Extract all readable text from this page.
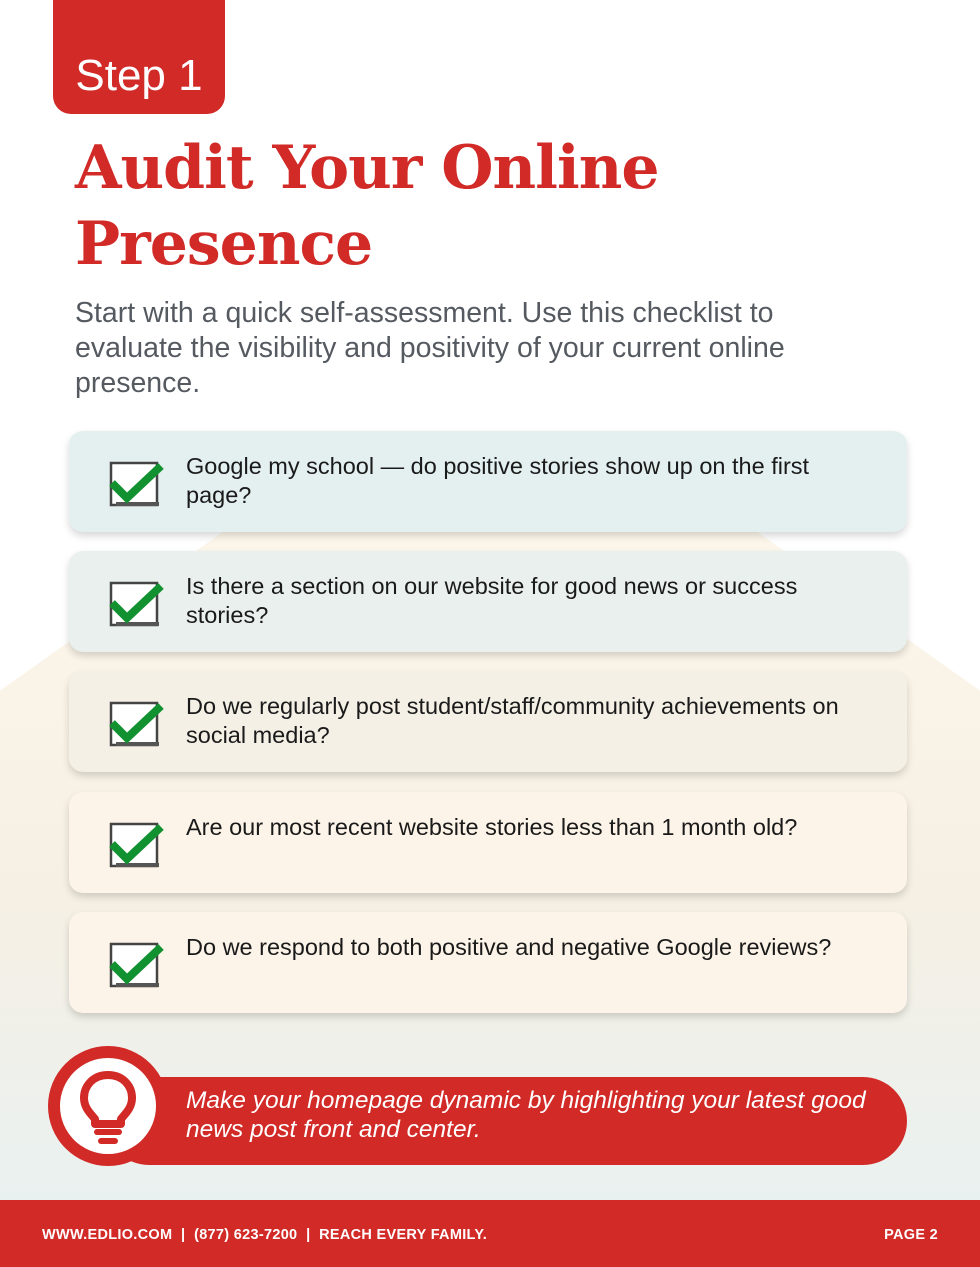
Step 1
Audit Your Online Presence

Start with a quick self-assessment. Use this checklist to evaluate the visibility and positivity of your current online presence.

Google my school — do positive stories show up on the first page?
Is there a section on our website for good news or success stories?
Do we regularly post student/staff/community achievements on social media?
Are our most recent website stories less than 1 month old?
Do we respond to both positive and negative Google reviews?
Make your homepage dynamic by highlighting your latest good news post front and center.
WWW.EDLIO.COM | (877) 623-7200 | REACH EVERY FAMILY.	PAGE 2
